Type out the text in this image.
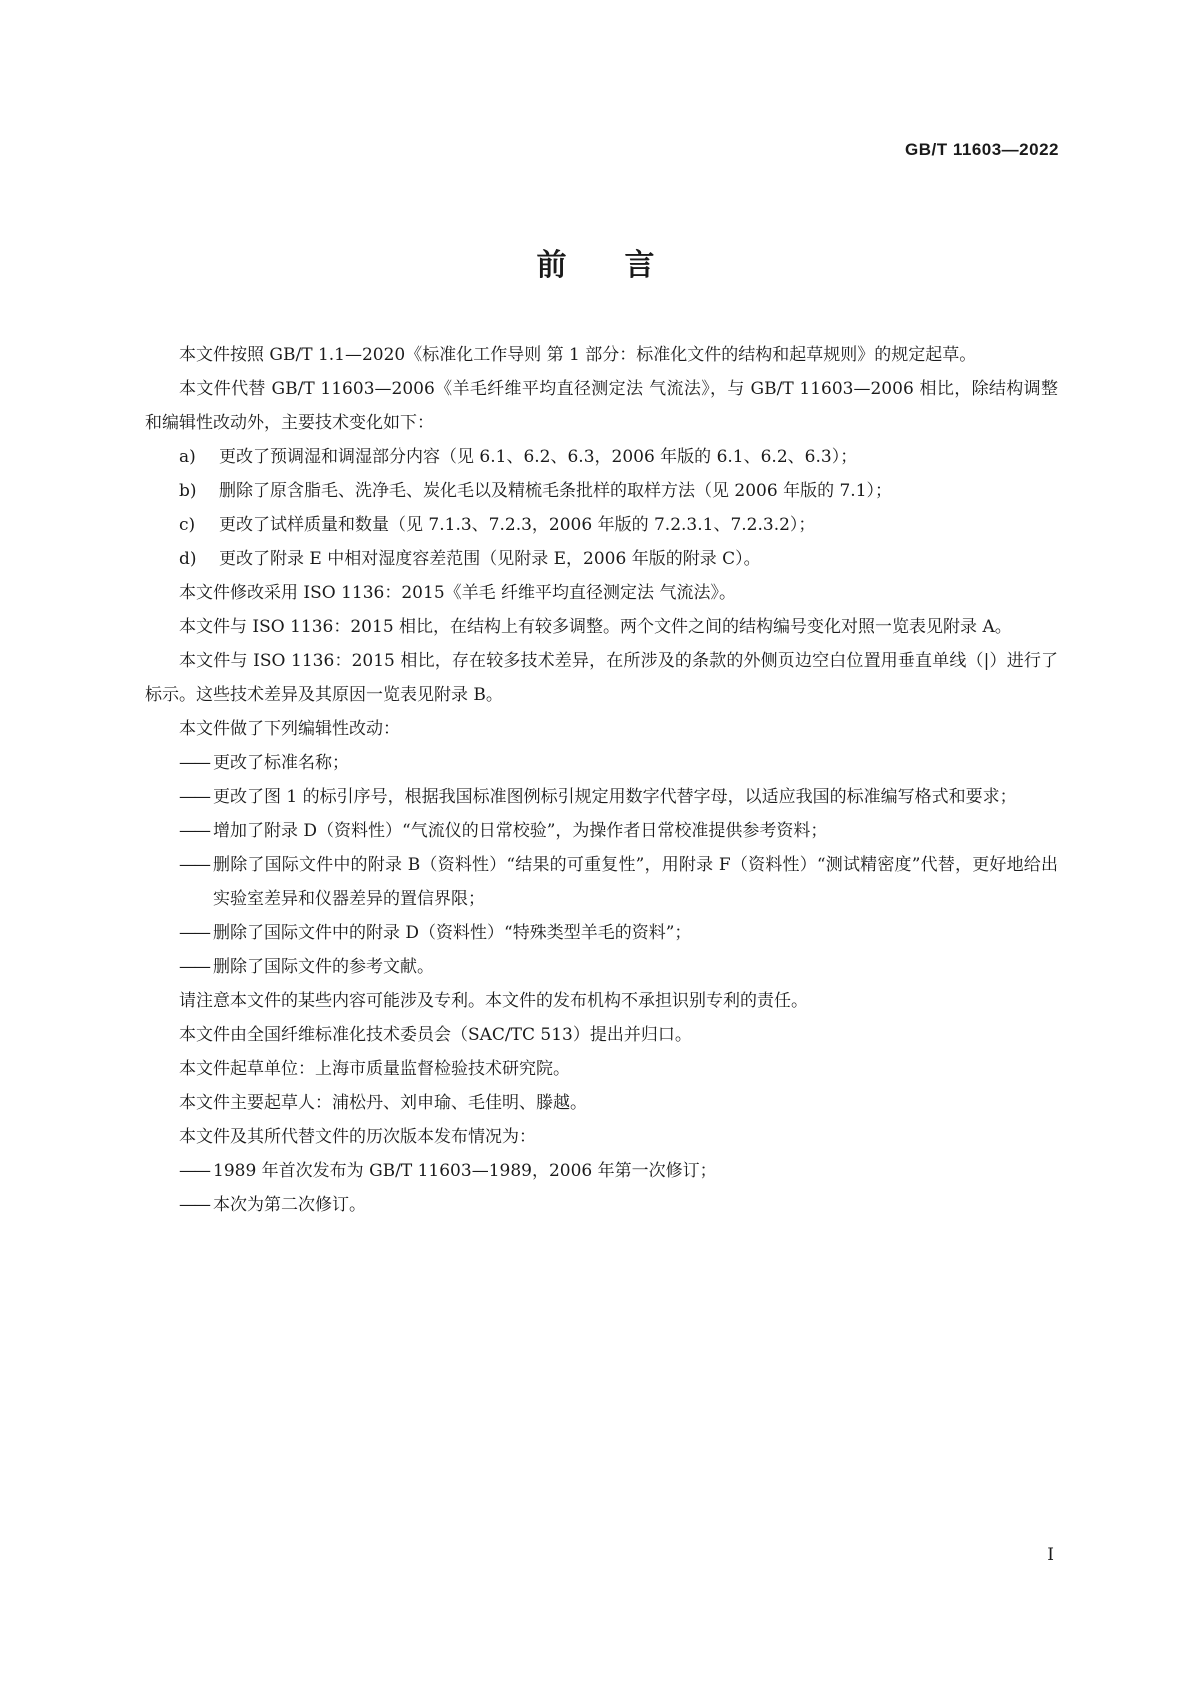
GB/T 11603—2022
前言

本文件按照 GB/T 1.1—2020《标准化工作导则 第 1 部分：标准化文件的结构和起草规则》的规定起草。

本文件代替 GB/T 11603—2006《羊毛纤维平均直径测定法 气流法》，与 GB/T 11603—2006 相比，除结构调整和编辑性改动外，主要技术变化如下：

a)	更改了预调湿和调湿部分内容（见 6.1、6.2、6.3，2006 年版的 6.1、6.2、6.3）；
b)	删除了原含脂毛、洗净毛、炭化毛以及精梳毛条批样的取样方法（见 2006 年版的 7.1）；
c)	更改了试样质量和数量（见 7.1.3、7.2.3，2006 年版的 7.2.3.1、7.2.3.2）；
d)	更改了附录 E 中相对湿度容差范围（见附录 E，2006 年版的附录 C）。

本文件修改采用 ISO 1136：2015《羊毛 纤维平均直径测定法 气流法》。

本文件与 ISO 1136：2015 相比，在结构上有较多调整。两个文件之间的结构编号变化对照一览表见附录 A。

本文件与 ISO 1136：2015 相比，存在较多技术差异，在所涉及的条款的外侧页边空白位置用垂直单线（|）进行了标示。这些技术差异及其原因一览表见附录 B。

本文件做了下列编辑性改动：

—— 更改了标准名称；
—— 更改了图 1 的标引序号，根据我国标准图例标引规定用数字代替字母，以适应我国的标准编写格式和要求；
—— 增加了附录 D（资料性）“气流仪的日常校验”，为操作者日常校准提供参考资料；
—— 删除了国际文件中的附录 B（资料性）“结果的可重复性”，用附录 F（资料性）“测试精密度”代替，更好地给出实验室差异和仪器差异的置信界限；
—— 删除了国际文件中的附录 D（资料性）“特殊类型羊毛的资料”；
—— 删除了国际文件的参考文献。

请注意本文件的某些内容可能涉及专利。本文件的发布机构不承担识别专利的责任。

本文件由全国纤维标准化技术委员会（SAC/TC 513）提出并归口。

本文件起草单位：上海市质量监督检验技术研究院。

本文件主要起草人：浦松丹、刘申瑜、毛佳明、滕越。

本文件及其所代替文件的历次版本发布情况为：

—— 1989 年首次发布为 GB/T 11603—1989，2006 年第一次修订；
—— 本次为第二次修订。
I
